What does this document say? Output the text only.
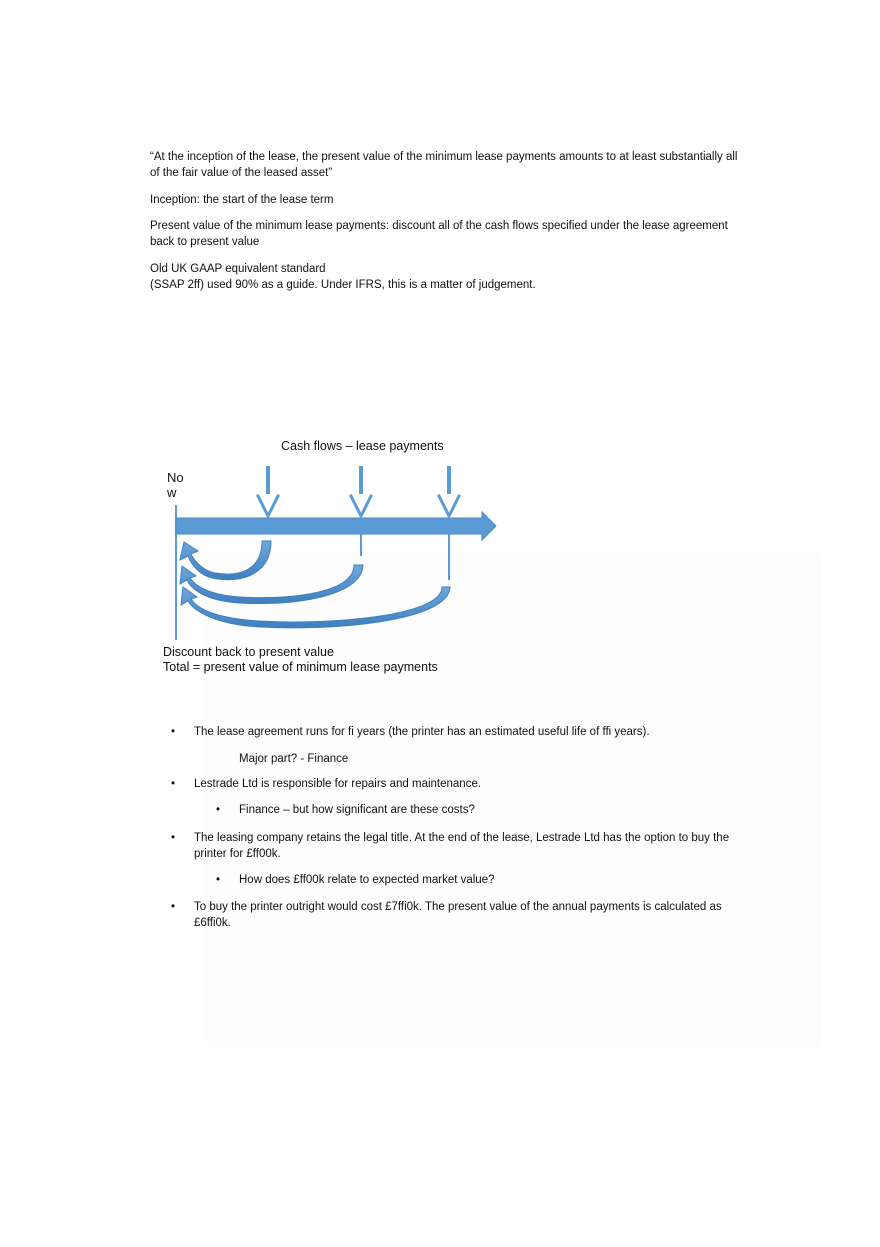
“At the inception of the lease, the present value of the minimum lease payments amounts to at least substantially all of the fair value of the leased asset”

Inception: the start of the lease term

Present value of the minimum lease payments: discount all of the cash flows specified under the lease agreement back to present value

Old UK GAAP equivalent standard

(SSAP 2ff) used 90% as a guide. Under IFRS, this is a matter of judgement.

Cash flows – lease payments
Now
Discount back to present value
Total = present value of minimum lease payments
• The lease agreement runs for fi years (the printer has an estimated useful life of ffi years).
Major part? - Finance
• Lestrade Ltd is responsible for repairs and maintenance.
• Finance – but how significant are these costs?
• The leasing company retains the legal title. At the end of the lease, Lestrade Ltd has the option to buy the printer for £ff00k.
• How does £ff00k relate to expected market value?
• To buy the printer outright would cost £7ffi0k. The present value of the annual payments is calculated as £6ffi0k.
